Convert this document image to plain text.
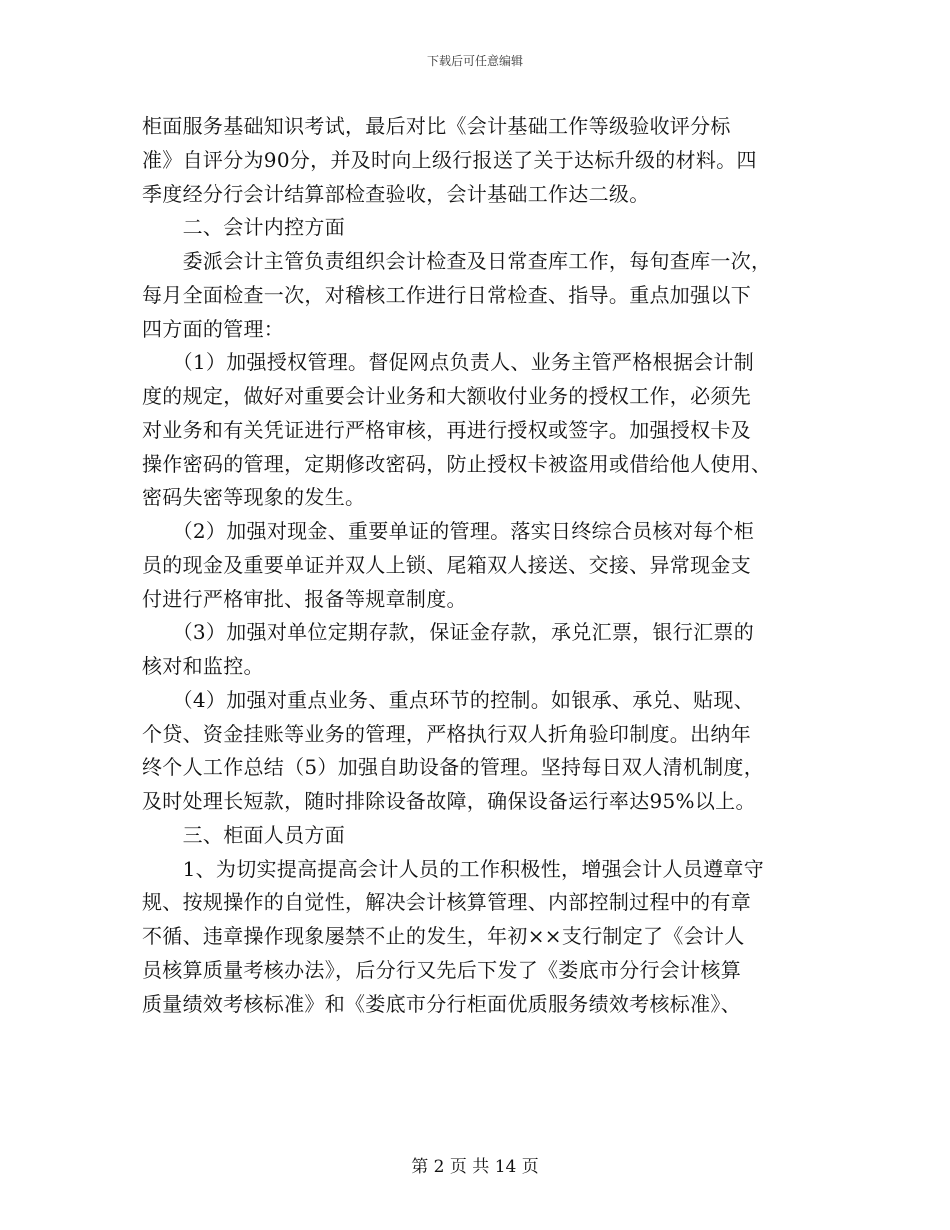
下载后可任意编辑
柜面服务基础知识考试，最后对比《会计基础工作等级验收评分标
准》自评分为90分，并及时向上级行报送了关于达标升级的材料。四
季度经分行会计结算部检查验收，会计基础工作达二级。
　　二、会计内控方面
　　委派会计主管负责组织会计检查及日常查库工作，每旬查库一次，
每月全面检查一次，对稽核工作进行日常检查、指导。重点加强以下
四方面的管理：
　　（1）加强授权管理。督促网点负责人、业务主管严格根据会计制
度的规定，做好对重要会计业务和大额收付业务的授权工作，必须先
对业务和有关凭证进行严格审核，再进行授权或签字。加强授权卡及
操作密码的管理，定期修改密码，防止授权卡被盗用或借给他人使用、
密码失密等现象的发生。
　　（2）加强对现金、重要单证的管理。落实日终综合员核对每个柜
员的现金及重要单证并双人上锁、尾箱双人接送、交接、异常现金支
付进行严格审批、报备等规章制度。
　　（3）加强对单位定期存款，保证金存款，承兑汇票，银行汇票的
核对和监控。
　　（4）加强对重点业务、重点环节的控制。如银承、承兑、贴现、
个贷、资金挂账等业务的管理，严格执行双人折角验印制度。出纳年
终个人工作总结（5）加强自助设备的管理。坚持每日双人清机制度，
及时处理长短款，随时排除设备故障，确保设备运行率达95%以上。
　　三、柜面人员方面
　　1、为切实提高提高会计人员的工作积极性，增强会计人员遵章守
规、按规操作的自觉性，解决会计核算管理、内部控制过程中的有章
不循、违章操作现象屡禁不止的发生，年初××支行制定了《会计人
员核算质量考核办法》，后分行又先后下发了《娄底市分行会计核算
质量绩效考核标准》和《娄底市分行柜面优质服务绩效考核标准》、
第 2 页 共 14 页
